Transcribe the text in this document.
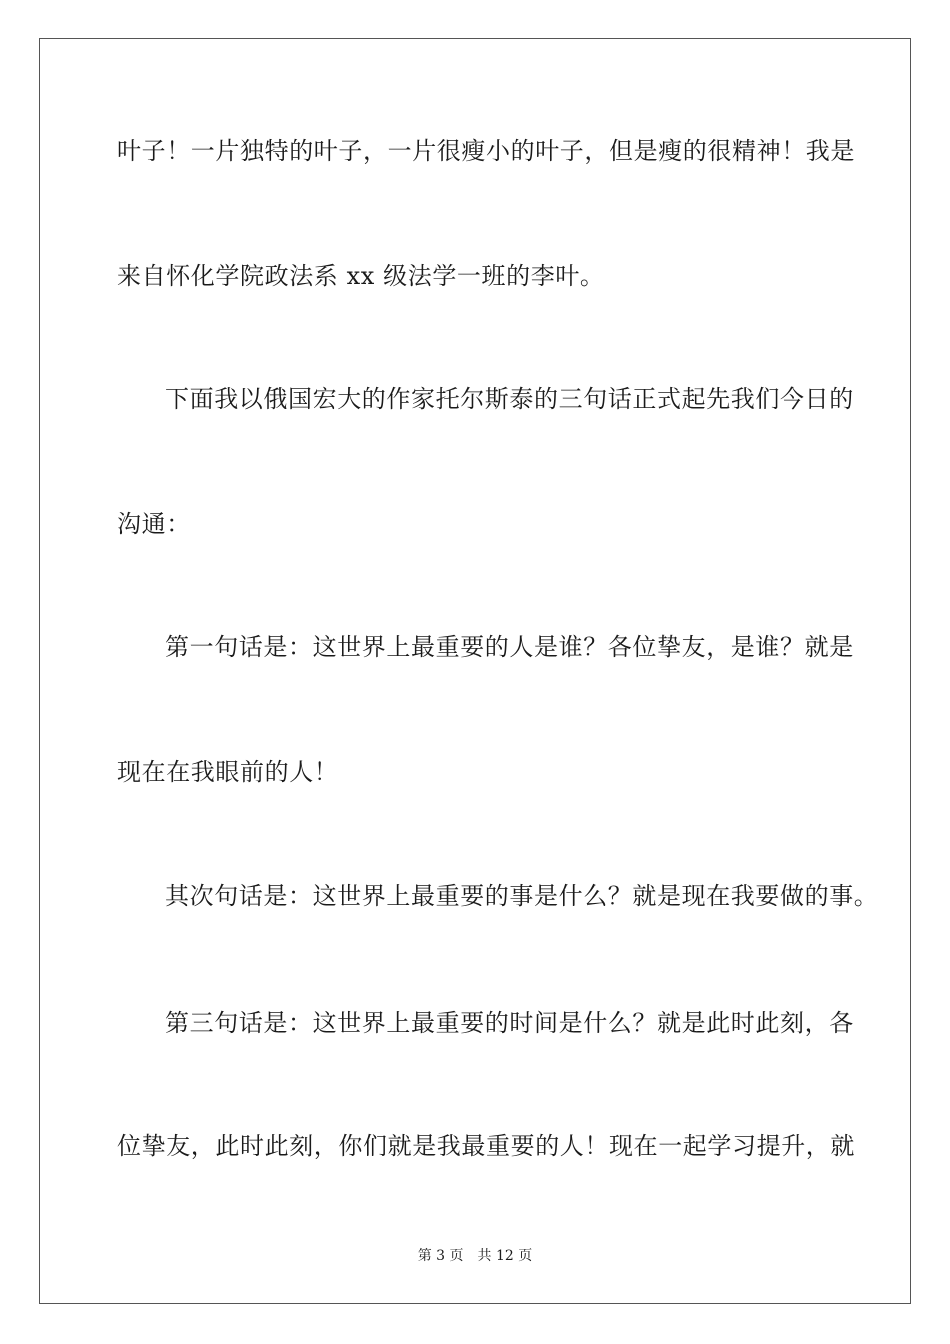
叶子！一片独特的叶子，一片很瘦小的叶子，但是瘦的很精神！我是
来自怀化学院政法系 xx 级法学一班的李叶。
下面我以俄国宏大的作家托尔斯泰的三句话正式起先我们今日的
沟通：
第一句话是：这世界上最重要的人是谁？各位挚友，是谁？就是
现在在我眼前的人！
其次句话是：这世界上最重要的事是什么？就是现在我要做的事。
第三句话是：这世界上最重要的时间是什么？就是此时此刻，各
位挚友，此时此刻，你们就是我最重要的人！现在一起学习提升，就
第 3 页 共 12 页
